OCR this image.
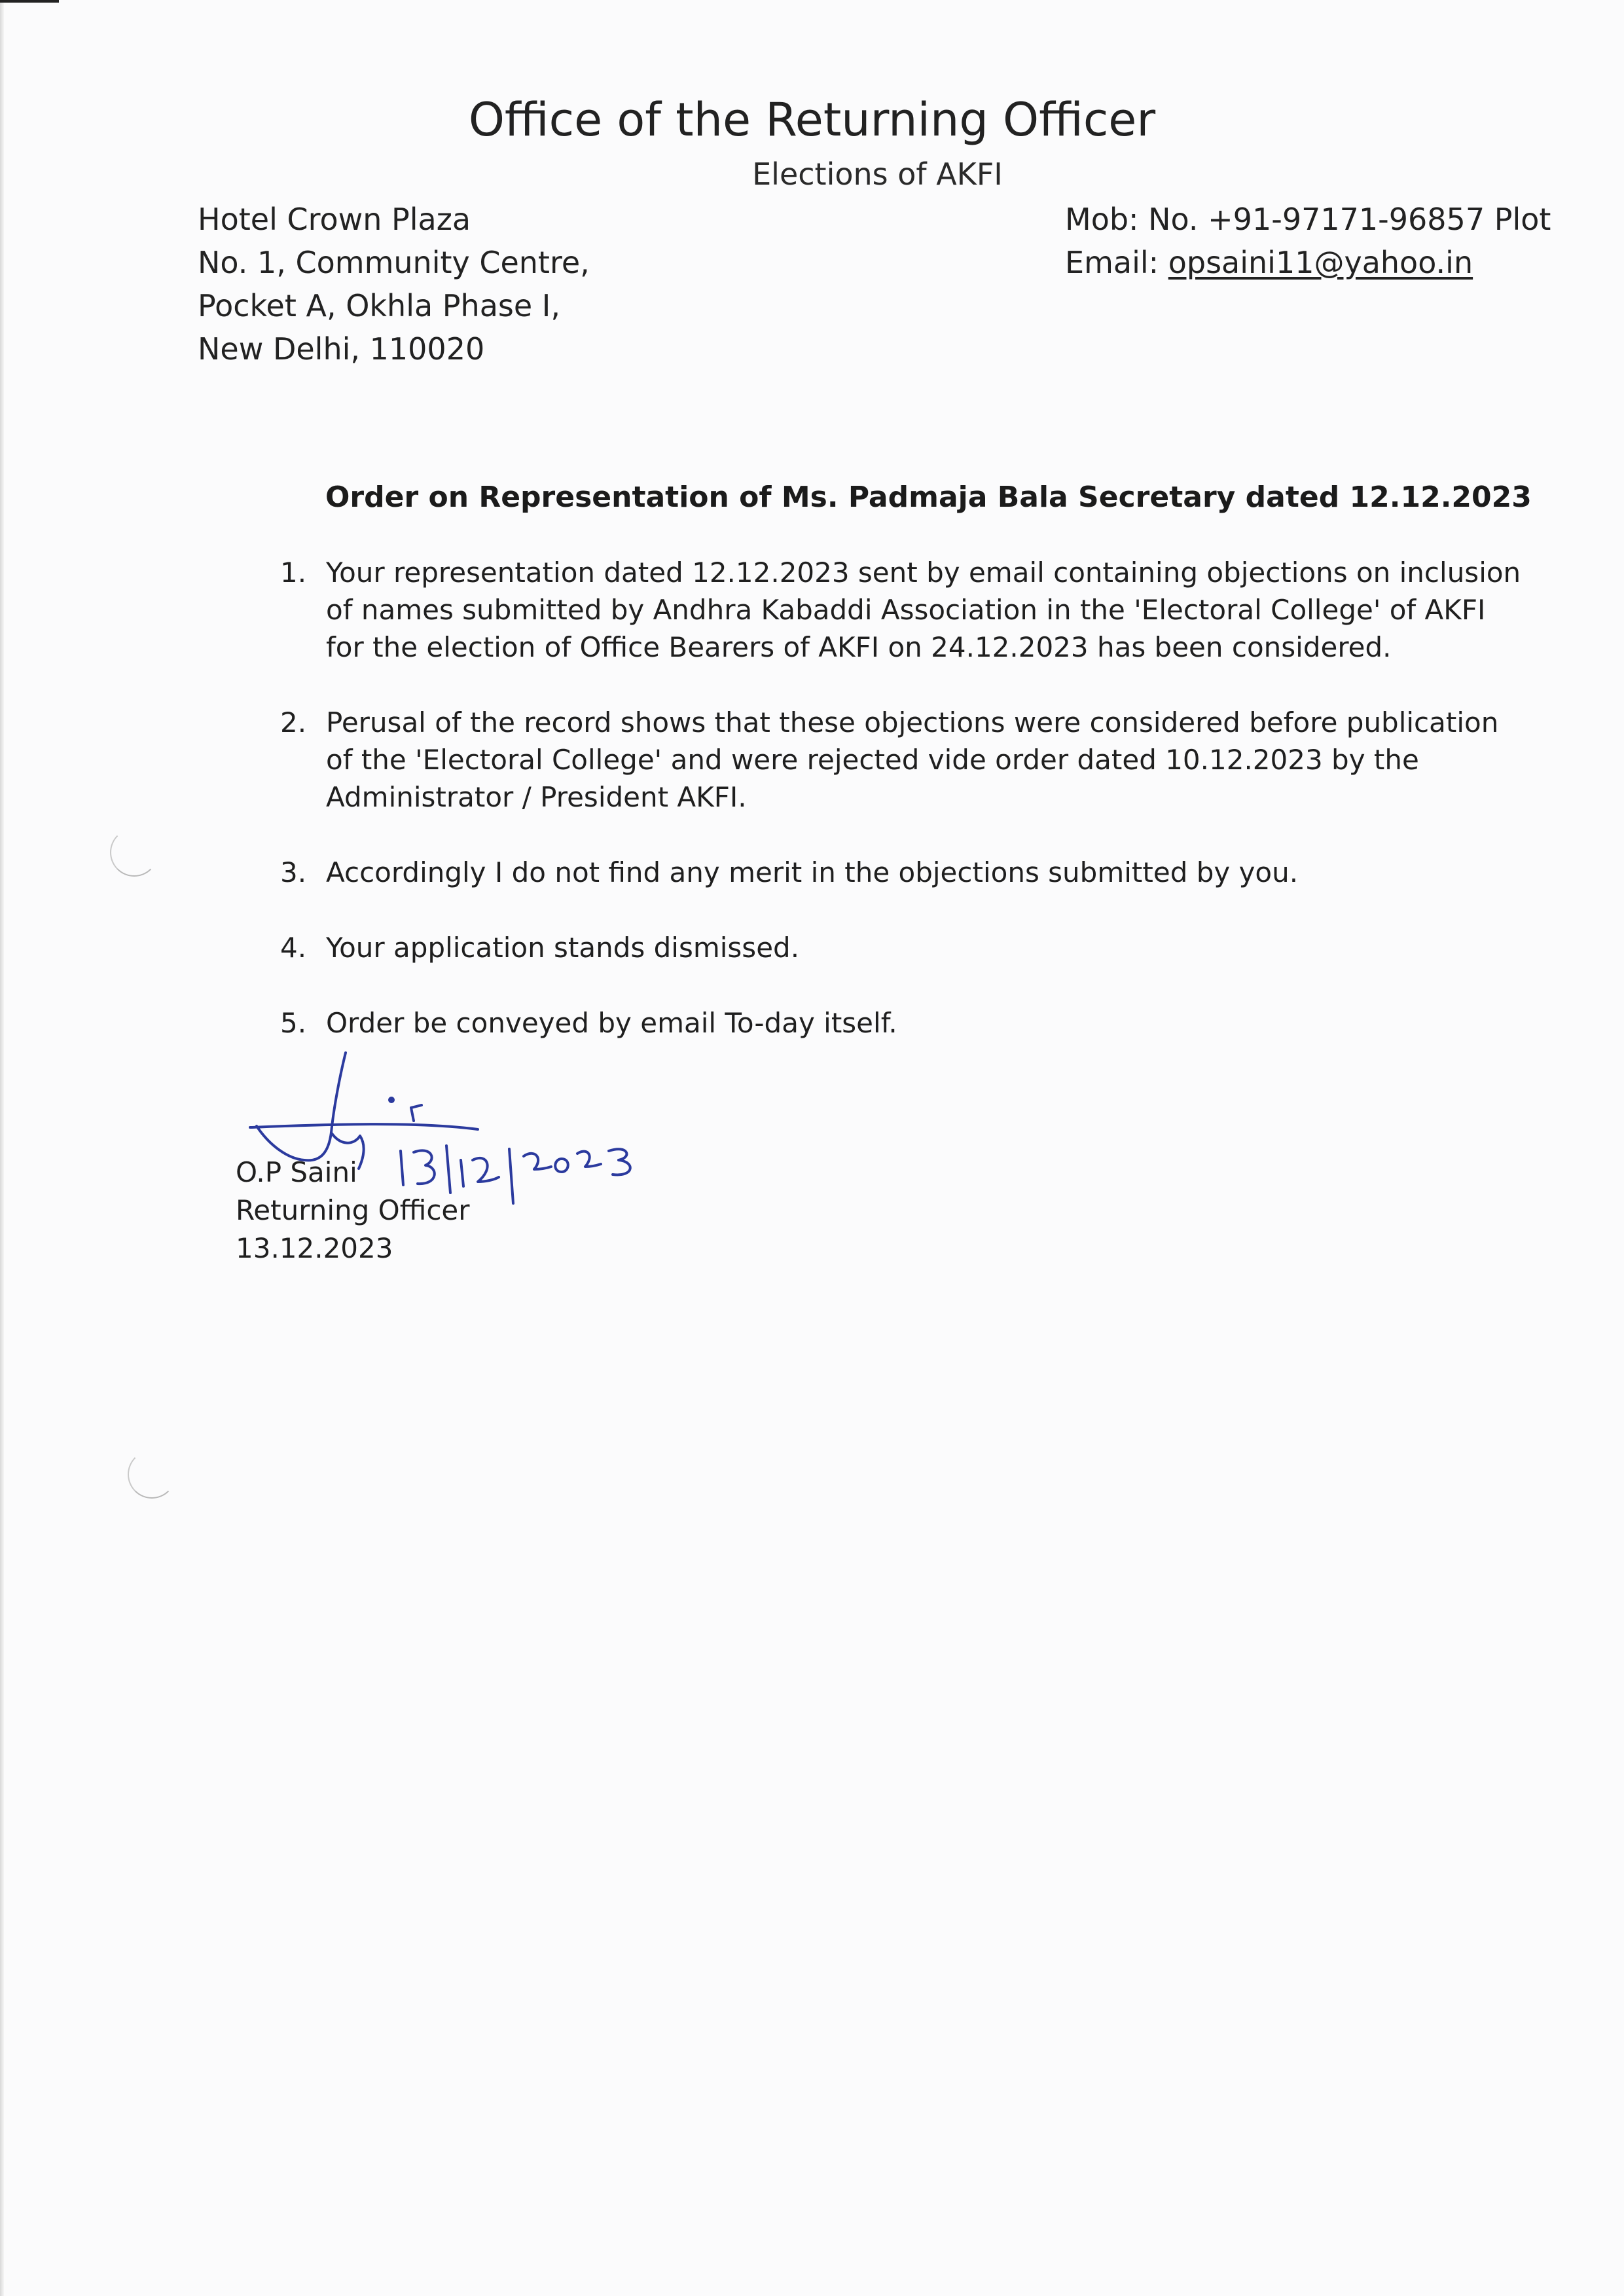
Office of the Returning Officer
Elections of AKFI
Hotel Crown Plaza
No. 1, Community Centre,
Pocket A, Okhla Phase I,
New Delhi, 110020
Mob: No. +91-97171-96857 Plot
Email: opsaini11@yahoo.in
Order on Representation of Ms. Padmaja Bala Secretary dated 12.12.2023
1. Your representation dated 12.12.2023 sent by email containing objections on inclusion of names submitted by Andhra Kabaddi Association in the 'Electoral College' of AKFI for the election of Office Bearers of AKFI on 24.12.2023 has been considered.
2. Perusal of the record shows that these objections were considered before publication of the 'Electoral College' and were rejected vide order dated 10.12.2023 by the Administrator / President AKFI.
3. Accordingly I do not find any merit in the objections submitted by you.
4. Your application stands dismissed.
5. Order be conveyed by email To-day itself.
O.P Saini
Returning Officer
13.12.2023
